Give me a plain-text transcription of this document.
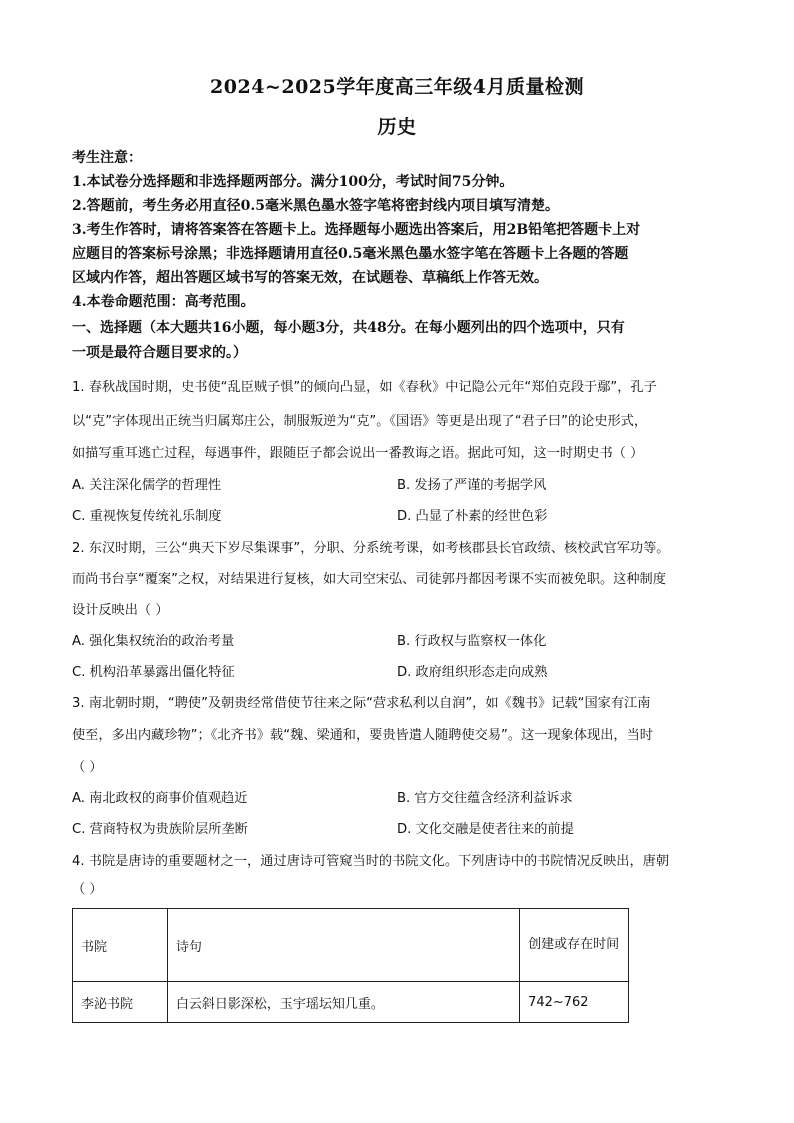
2024~2025学年度高三年级4月质量检测
历史
考生注意：
1.本试卷分选择题和非选择题两部分。满分100分，考试时间75分钟。
2.答题前，考生务必用直径0.5毫米黑色墨水签字笔将密封线内项目填写清楚。
3.考生作答时，请将答案答在答题卡上。选择题每小题选出答案后，用2B铅笔把答题卡上对
应题目的答案标号涂黑；非选择题请用直径0.5毫米黑色墨水签字笔在答题卡上各题的答题
区域内作答，超出答题区域书写的答案无效，在试题卷、草稿纸上作答无效。
4.本卷命题范围：高考范围。
一、选择题（本大题共16小题，每小题3分，共48分。在每小题列出的四个选项中，只有
一项是最符合题目要求的。）
1. 春秋战国时期，史书使“乱臣贼子惧”的倾向凸显，如《春秋》中记隐公元年“郑伯克段于鄢”，孔子
以“克”字体现出正统当归属郑庄公，制服叛逆为“克”。《国语》等更是出现了“君子曰”的论史形式，
如描写重耳逃亡过程，每遇事件，跟随臣子都会说出一番教诲之语。据此可知，这一时期史书（ ）
A. 关注深化儒学的哲理性	B. 发扬了严谨的考据学风
C. 重视恢复传统礼乐制度	D. 凸显了朴素的经世色彩
2. 东汉时期，三公“典天下岁尽集课事”，分职、分系统考课，如考核郡县长官政绩、核校武官军功等。
而尚书台享“覆案”之权，对结果进行复核，如大司空宋弘、司徒郭丹都因考课不实而被免职。这种制度
设计反映出（ ）
A. 强化集权统治的政治考量	B. 行政权与监察权一体化
C. 机构沿革暴露出僵化特征	D. 政府组织形态走向成熟
3. 南北朝时期，“聘使”及朝贵经常借使节往来之际“营求私利以自润”，如《魏书》记载“国家有江南
使至，多出内藏珍物”；《北齐书》载“魏、梁通和，要贵皆遣人随聘使交易”。这一现象体现出，当时
（ ）
A. 南北政权的商事价值观趋近	B. 官方交往蕴含经济利益诉求
C. 营商特权为贵族阶层所垄断	D. 文化交融是使者往来的前提
4. 书院是唐诗的重要题材之一，通过唐诗可管窥当时的书院文化。下列唐诗中的书院情况反映出，唐朝
（ ）
书院	诗句	创建或存在时间
李泌书院	白云斜日影深松，玉宇瑶坛知几重。	742~762
